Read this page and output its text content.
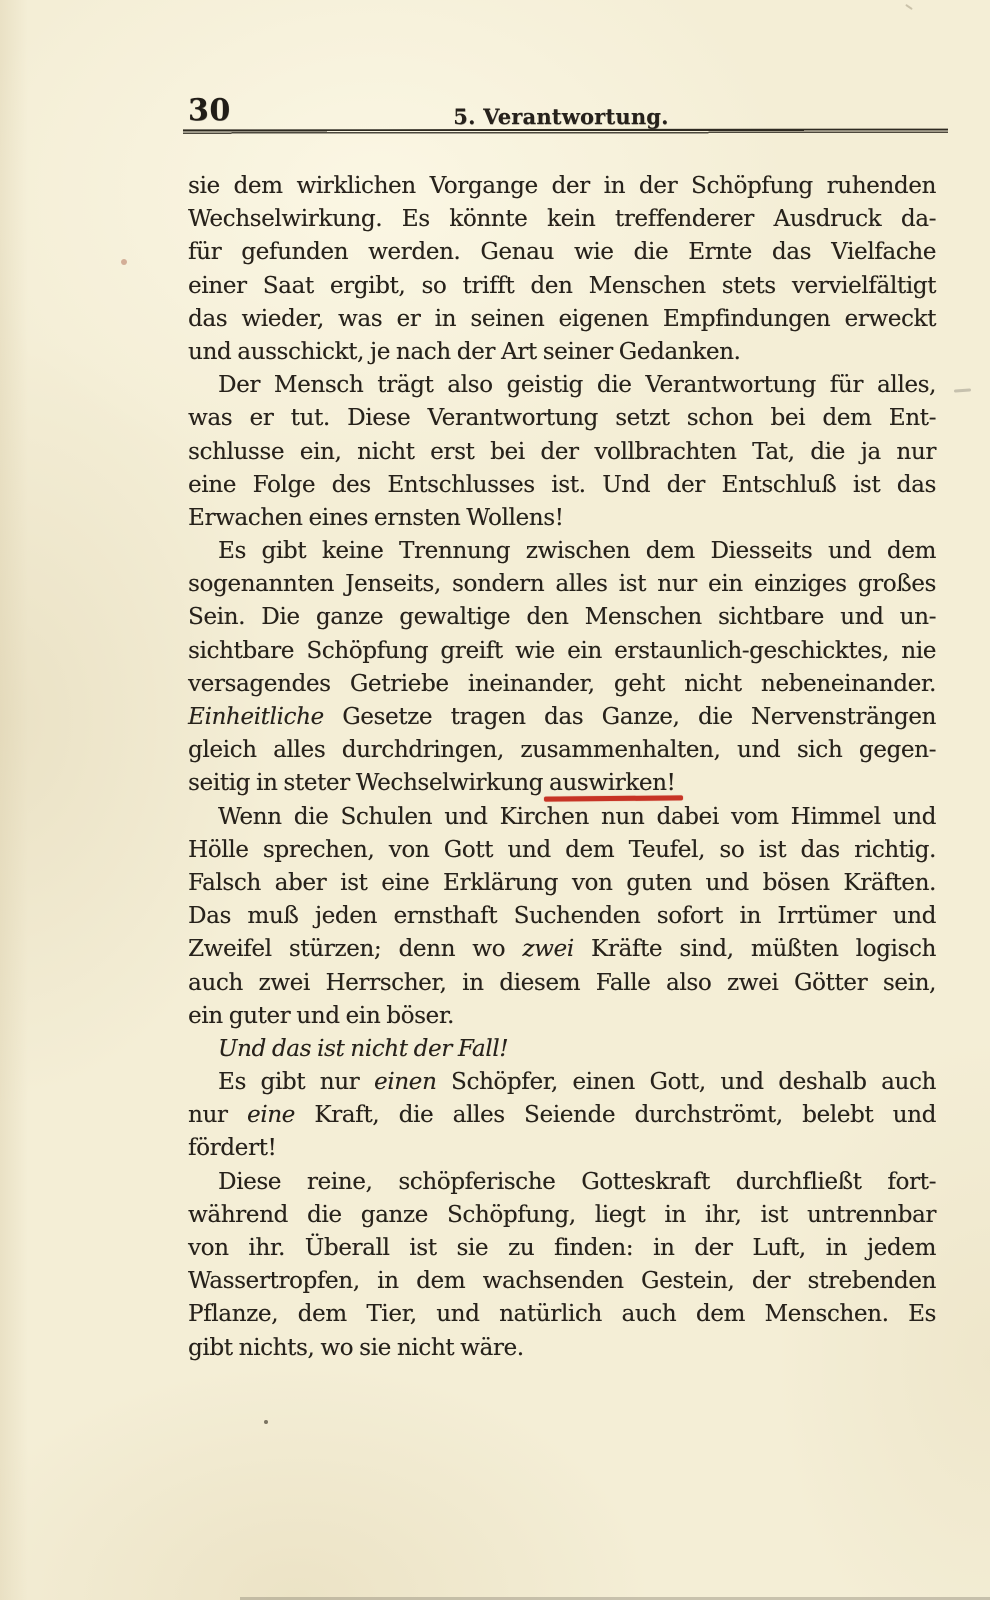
30	5. Verantwortung.
sie dem wirklichen Vorgange der in der Schöpfung ruhenden
Wechselwirkung. Es könnte kein treffenderer Ausdruck da-
für gefunden werden. Genau wie die Ernte das Vielfache
einer Saat ergibt, so trifft den Menschen stets vervielfältigt
das wieder, was er in seinen eigenen Empfindungen erweckt
und ausschickt, je nach der Art seiner Gedanken.
Der Mensch trägt also geistig die Verantwortung für alles,
was er tut. Diese Verantwortung setzt schon bei dem Ent-
schlusse ein, nicht erst bei der vollbrachten Tat, die ja nur
eine Folge des Entschlusses ist. Und der Entschluß ist das
Erwachen eines ernsten Wollens!
Es gibt keine Trennung zwischen dem Diesseits und dem
sogenannten Jenseits, sondern alles ist nur ein einziges großes
Sein. Die ganze gewaltige den Menschen sichtbare und un-
sichtbare Schöpfung greift wie ein erstaunlich-geschicktes, nie
versagendes Getriebe ineinander, geht nicht nebeneinander.
Einheitliche Gesetze tragen das Ganze, die Nervensträngen
gleich alles durchdringen, zusammenhalten, und sich gegen-
seitig in steter Wechselwirkung auswirken!
Wenn die Schulen und Kirchen nun dabei vom Himmel und
Hölle sprechen, von Gott und dem Teufel, so ist das richtig.
Falsch aber ist eine Erklärung von guten und bösen Kräften.
Das muß jeden ernsthaft Suchenden sofort in Irrtümer und
Zweifel stürzen; denn wo zwei Kräfte sind, müßten logisch
auch zwei Herrscher, in diesem Falle also zwei Götter sein,
ein guter und ein böser.
Und das ist nicht der Fall!
Es gibt nur einen Schöpfer, einen Gott, und deshalb auch
nur eine Kraft, die alles Seiende durchströmt, belebt und
fördert!
Diese reine, schöpferische Gotteskraft durchfließt fort-
während die ganze Schöpfung, liegt in ihr, ist untrennbar
von ihr. Überall ist sie zu finden: in der Luft, in jedem
Wassertropfen, in dem wachsenden Gestein, der strebenden
Pflanze, dem Tier, und natürlich auch dem Menschen. Es
gibt nichts, wo sie nicht wäre.
